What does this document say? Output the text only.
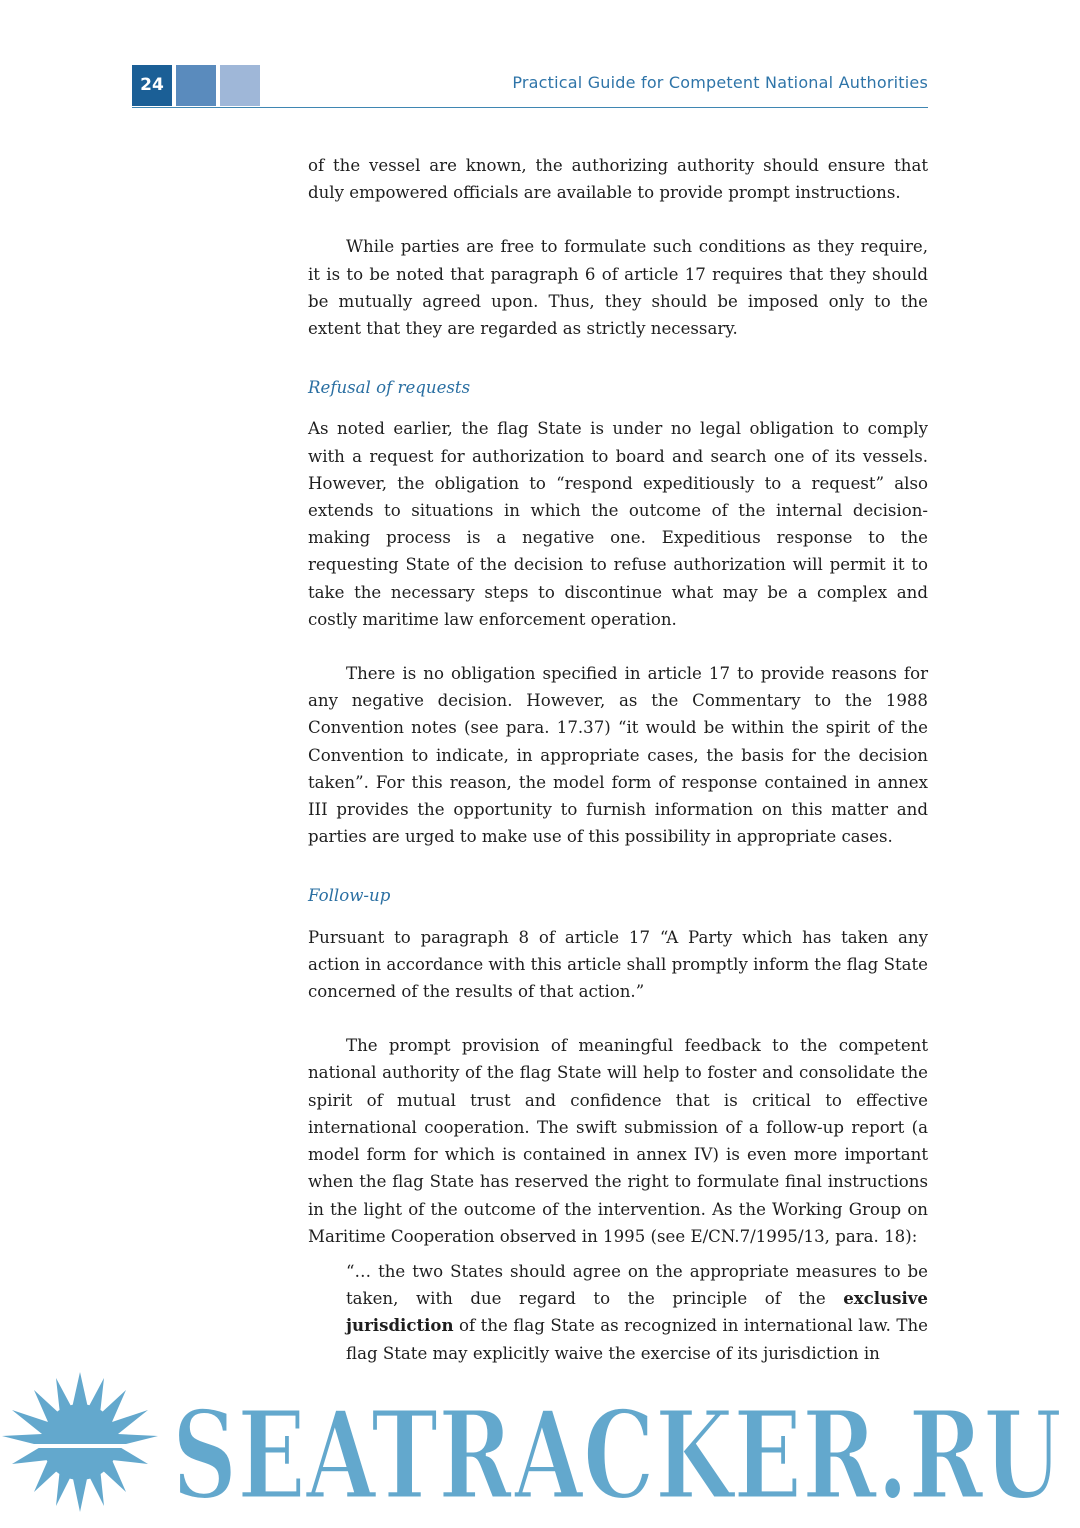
24	Practical Guide for Competent National Authorities

of the vessel are known, the authorizing authority should ensure that duly empowered officials are available to provide prompt instructions.

While parties are free to formulate such conditions as they require, it is to be noted that paragraph 6 of article 17 requires that they should be mutually agreed upon. Thus, they should be imposed only to the extent that they are regarded as strictly necessary.

Refusal of requests

As noted earlier, the flag State is under no legal obligation to comply with a request for authorization to board and search one of its vessels. However, the obligation to “respond expeditiously to a request” also extends to situations in which the outcome of the internal decision-making process is a negative one. Expeditious response to the requesting State of the decision to refuse authorization will permit it to take the necessary steps to discontinue what may be a complex and costly maritime law enforcement operation.

There is no obligation specified in article 17 to provide reasons for any negative decision. However, as the Commentary to the 1988 Convention notes (see para. 17.37) “it would be within the spirit of the Convention to indicate, in appropriate cases, the basis for the decision taken”. For this reason, the model form of response contained in annex III provides the opportunity to furnish information on this matter and parties are urged to make use of this possibility in appropriate cases.

Follow-up

Pursuant to paragraph 8 of article 17 “A Party which has taken any action in accordance with this article shall promptly inform the flag State concerned of the results of that action.”

The prompt provision of meaningful feedback to the competent national authority of the flag State will help to foster and consolidate the spirit of mutual trust and confidence that is critical to effective international cooperation. The swift submission of a follow-up report (a model form for which is contained in annex IV) is even more important when the flag State has reserved the right to formulate final instructions in the light of the outcome of the intervention. As the Working Group on Maritime Cooperation observed in 1995 (see E/CN.7/1995/13, para. 18):

“… the two States should agree on the appropriate measures to be taken, with due regard to the principle of the exclusive jurisdiction of the flag State as recognized in international law. The flag State may explicitly waive the exercise of its jurisdiction in

SEATRACKER.RU
